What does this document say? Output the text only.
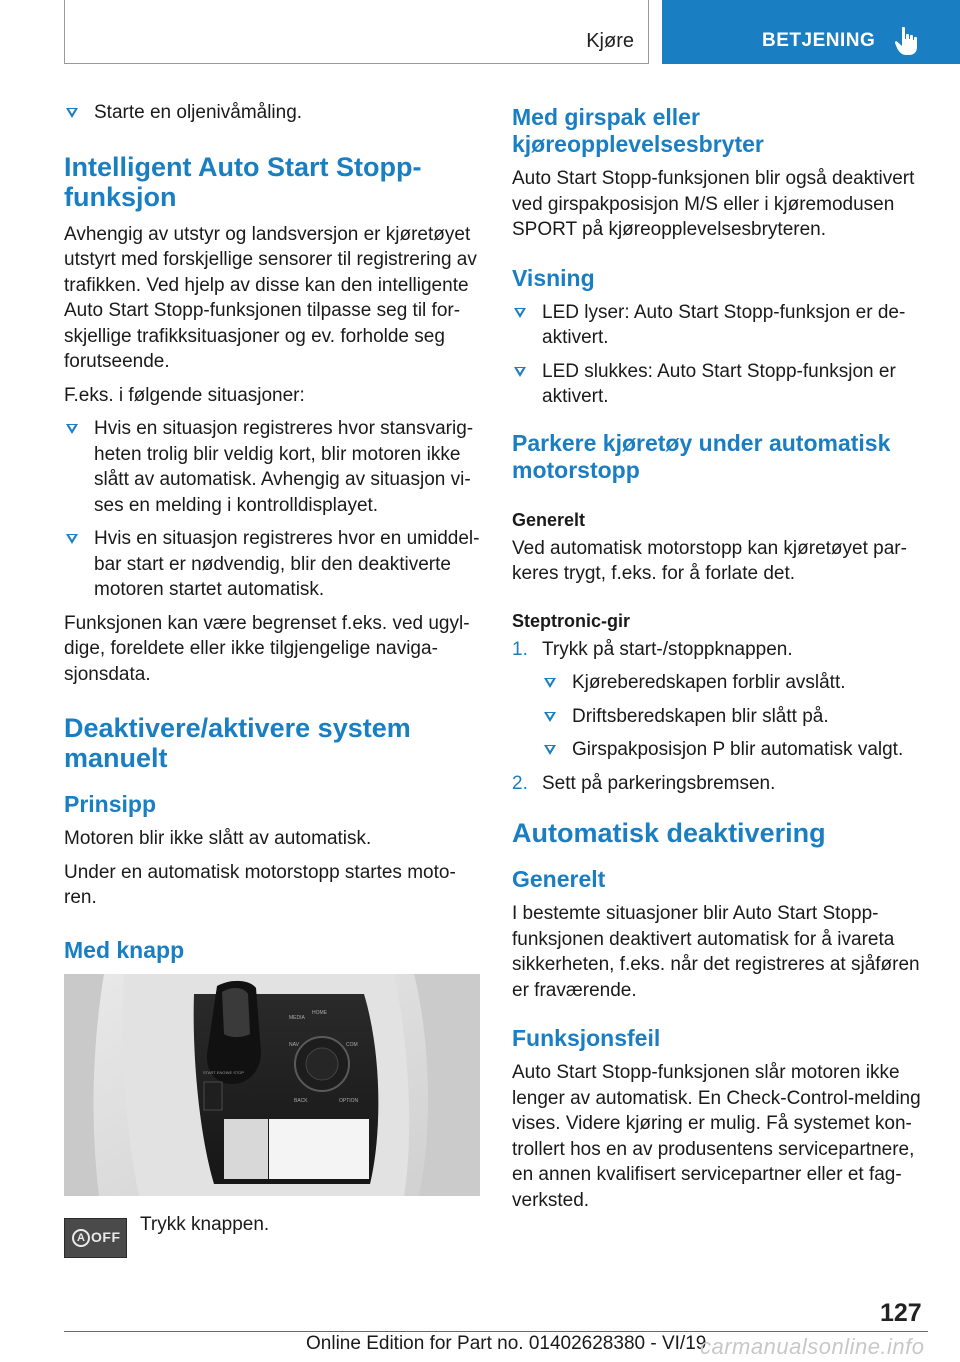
Kjøre	BETJENING
Starte en oljenivåmåling.
Intelligent Auto Start Stopp-funksjon

Avhengig av utstyr og landsversjon er kjøretøyet utstyrt med forskjellige sensorer til registrering av trafikken. Ved hjelp av disse kan den intelligente Auto Start Stopp-funksjonen tilpasse seg til forskjellige trafikksituasjoner og ev. forholde seg forutseende.

F.eks. i følgende situasjoner:

Hvis en situasjon registreres hvor stansvarigheten trolig blir veldig kort, blir motoren ikke slått av automatisk. Avhengig av situasjon vises en melding i kontrolldisplayet.
Hvis en situasjon registreres hvor en umiddelbar start er nødvendig, blir den deaktiverte motoren startet automatisk.

Funksjonen kan være begrenset f.eks. ved ugyldige, foreldete eller ikke tilgjengelige navigasjonsdata.

Deaktivere/aktivere system manuelt
Prinsipp

Motoren blir ikke slått av automatisk.

Under en automatisk motorstopp startes motoren.

Med knapp
MEDIA
HOME
NAV	COM
BACK	OPTION
START ENGINE STOP
A OFF
Trykk knappen.
Med girspak eller kjøreopplevelsesbryter

Auto Start Stopp-funksjonen blir også deaktivert ved girspakposisjon M/S eller i kjøremodusen SPORT på kjøreopplevelsesbryteren.

Visning
LED lyser: Auto Start Stopp-funksjon er deaktivert.
LED slukkes: Auto Start Stopp-funksjon er aktivert.
Parkere kjøretøy under automatisk motorstopp
Generelt

Ved automatisk motorstopp kan kjøretøyet parkeres trygt, f.eks. for å forlate det.

Steptronic-gir
1. Trykk på start-/stoppknappen.
Kjøreberedskapen forblir avslått.
Driftsberedskapen blir slått på.
Girspakposisjon P blir automatisk valgt.
2. Sett på parkeringsbremsen.
Automatisk deaktivering
Generelt

I bestemte situasjoner blir Auto Start Stopp-funksjonen deaktivert automatisk for å ivareta sikkerheten, f.eks. når det registreres at sjåføren er fraværende.

Funksjonsfeil

Auto Start Stopp-funksjonen slår motoren ikke lenger av automatisk. En Check-Control-melding vises. Videre kjøring er mulig. Få systemet kontrollert hos en av produsentens servicepartnere, en annen kvalifisert servicepartner eller et fagverksted.

127
Online Edition for Part no. 01402628380 - VI/19
carmanualsonline.info
